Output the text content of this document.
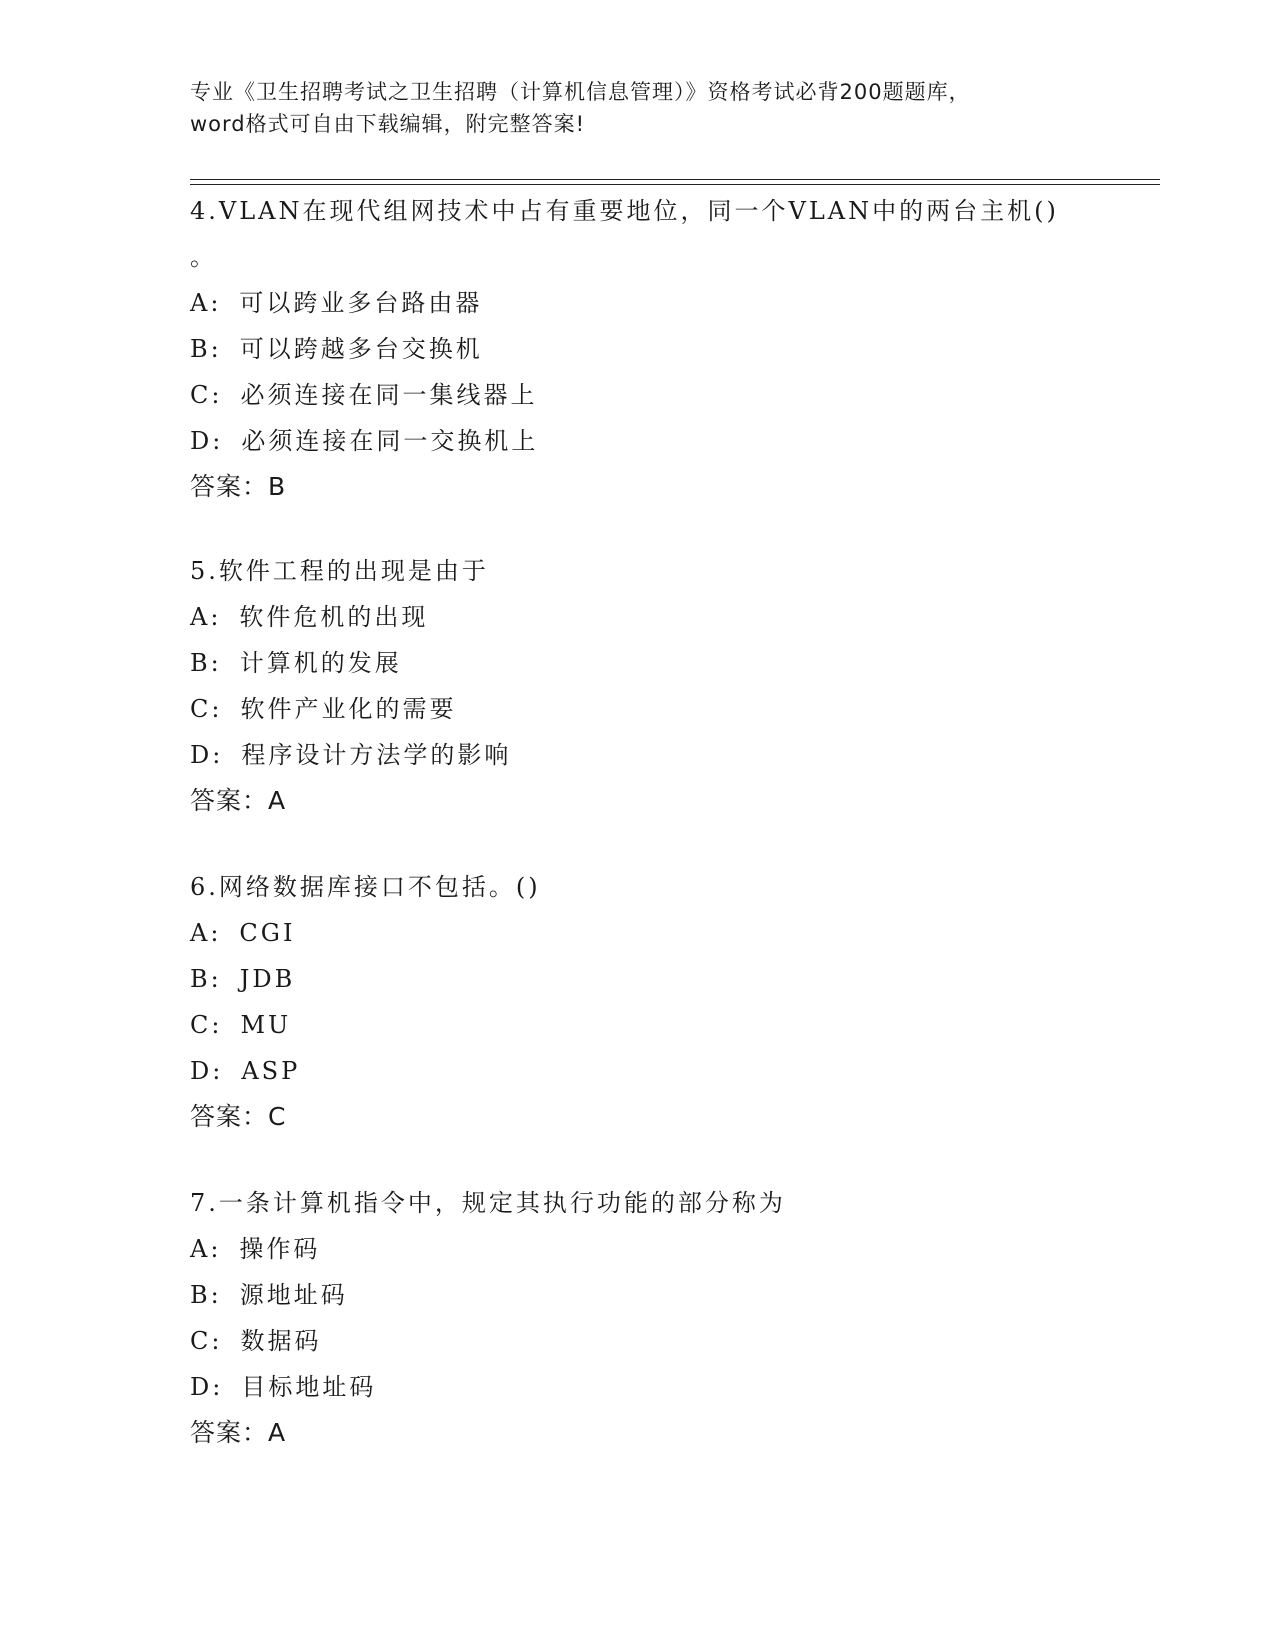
专业《卫生招聘考试之卫生招聘（计算机信息管理）》资格考试必背200题题库，
word格式可自由下载编辑，附完整答案!
4.VLAN在现代组网技术中占有重要地位，同一个VLAN中的两台主机()
。
A: 可以跨业多台路由器
B: 可以跨越多台交换机
C: 必须连接在同一集线器上
D: 必须连接在同一交换机上
答案：B
5.软件工程的出现是由于
A: 软件危机的出现
B: 计算机的发展
C: 软件产业化的需要
D: 程序设计方法学的影响
答案：A
6.网络数据库接口不包括。()
A: CGI
B: JDB
C: MU
D: ASP
答案：C
7.一条计算机指令中，规定其执行功能的部分称为
A: 操作码
B: 源地址码
C: 数据码
D: 目标地址码
答案：A
